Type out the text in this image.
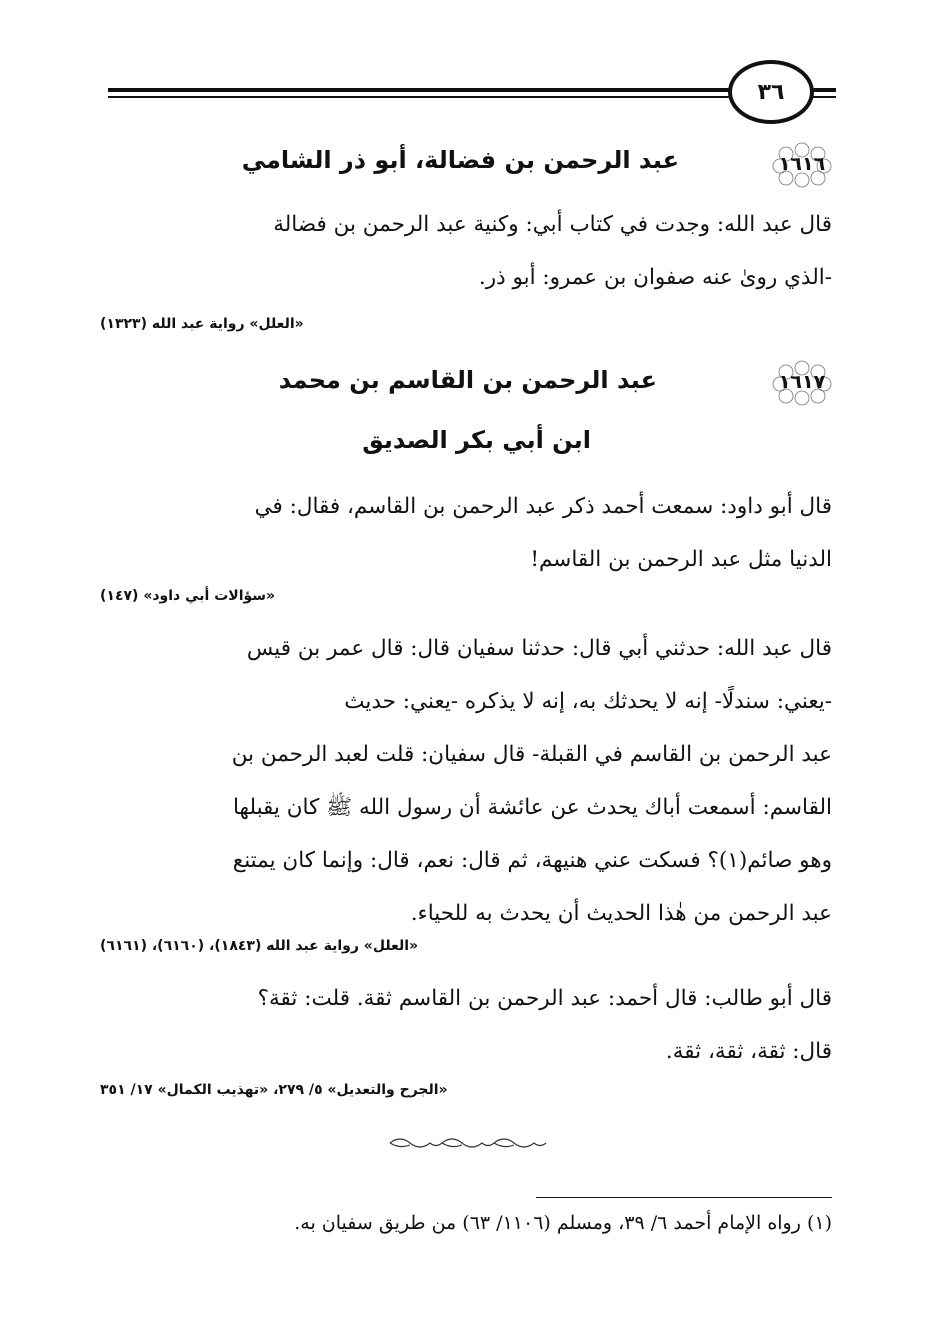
٣٦
١٦١٦
عبد الرحمن بن فضالة، أبو ذر الشامي
قال عبد الله: وجدت في كتاب أبي: وكنية عبد الرحمن بن فضالة
-الذي روىٰ عنه صفوان بن عمرو: أبو ذر.
«العلل» رواية عبد الله (١٣٢٣)
١٦١٧
عبد الرحمن بن القاسم بن محمد
ابن أبي بكر الصديق
قال أبو داود: سمعت أحمد ذكر عبد الرحمن بن القاسم، فقال: في
الدنيا مثل عبد الرحمن بن القاسم!
«سؤالات أبي داود» (١٤٧)
قال عبد الله: حدثني أبي قال: حدثنا سفيان قال: قال عمر بن قيس
-يعني: سندلًا- إنه لا يحدثك به، إنه لا يذكره -يعني: حديث
عبد الرحمن بن القاسم في القبلة- قال سفيان: قلت لعبد الرحمن بن
القاسم: أسمعت أباك يحدث عن عائشة أن رسول الله ﷺ كان يقبلها
وهو صائم(١)؟ فسكت عني هنيهة، ثم قال: نعم، قال: وإنما كان يمتنع
عبد الرحمن من هٰذا الحديث أن يحدث به للحياء.
«العلل» رواية عبد الله (١٨٤٣)، (٦١٦٠)، (٦١٦١)
قال أبو طالب: قال أحمد: عبد الرحمن بن القاسم ثقة. قلت: ثقة؟
قال: ثقة، ثقة، ثقة.
«الجرح والتعديل» ٥/ ٢٧٩، «تهذيب الكمال» ١٧/ ٣٥١
(١) رواه الإمام أحمد ٦/ ٣٩، ومسلم (١١٠٦/ ٦٣) من طريق سفيان به.
